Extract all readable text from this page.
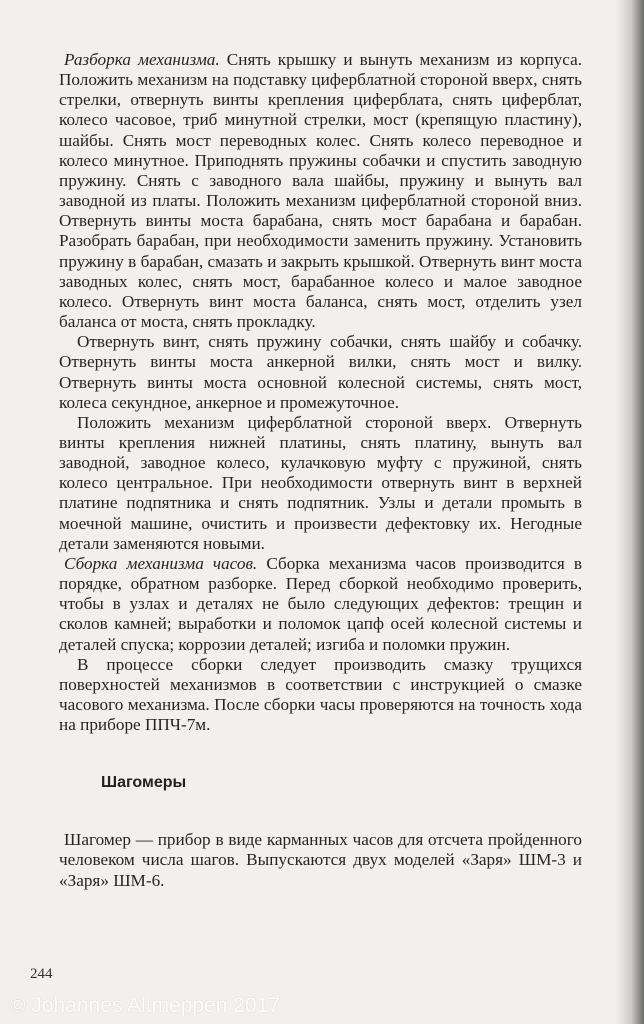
Разборка механизма. Снять крышку и вынуть механизм из корпуса. Положить механизм на подставку циферблатной стороной вверх, снять стрелки, отвернуть винты крепления циферблата, снять циферблат, колесо часовое, триб минутной стрелки, мост (крепящую пластину), шайбы. Снять мост переводных колес. Снять колесо переводное и колесо минутное. Приподнять пружины собачки и спустить заводную пружину. Снять с заводного вала шайбы, пружину и вынуть вал заводной из платы. Положить механизм циферблатной стороной вниз. Отвернуть винты моста барабана, снять мост барабана и барабан. Разобрать барабан, при необходимости заменить пружину. Установить пружину в барабан, смазать и закрыть крышкой. Отвернуть винт моста заводных колес, снять мост, барабанное колесо и малое заводное колесо. Отвернуть винт моста баланса, снять мост, отделить узел баланса от моста, снять прокладку.

Отвернуть винт, снять пружину собачки, снять шайбу и собачку. Отвернуть винты моста анкерной вилки, снять мост и вилку. Отвернуть винты моста основной колесной системы, снять мост, колеса секундное, анкерное и промежуточное.

Положить механизм циферблатной стороной вверх. Отвернуть винты крепления нижней платины, снять платину, вынуть вал заводной, заводное колесо, кулачковую муфту с пружиной, снять колесо центральное. При необходимости отвернуть винт в верхней платине подпятника и снять подпятник. Узлы и детали промыть в моечной машине, очистить и произвести дефектовку их. Негодные детали заменяются новыми.

Сборка механизма часов. Сборка механизма часов производится в порядке, обратном разборке. Перед сборкой необходимо проверить, чтобы в узлах и деталях не было следующих дефектов: трещин и сколов камней; выработки и поломок цапф осей колесной системы и деталей спуска; коррозии деталей; изгиба и поломки пружин.

В процессе сборки следует производить смазку трущихся поверхностей механизмов в соответствии с инструкцией о смазке часового механизма. После сборки часы проверяются на точность хода на приборе ППЧ-7м.

Шагомеры

Шагомер — прибор в виде карманных часов для отсчета пройденного человеком числа шагов. Выпускаются двух моделей «Заря» ШМ-3 и «Заря» ШМ-6.

244
© Johannes Altmeppen 2017
